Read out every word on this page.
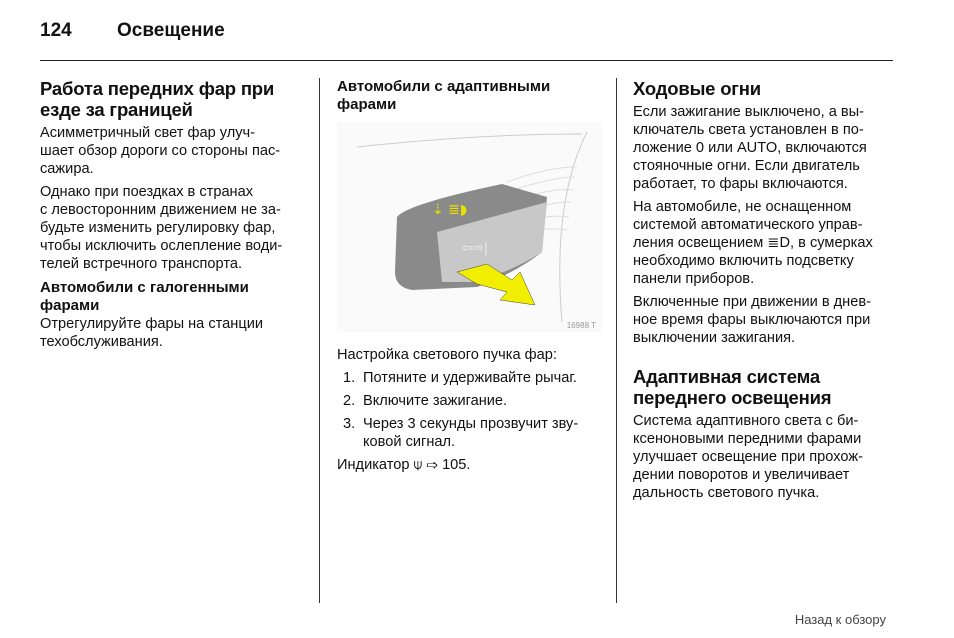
124 Освещение
Работа передних фар при
езде за границей
Асимметричный свет фар улуч-
шает обзор дороги со стороны пас-
сажира.
Однако при поездках в странах
с левосторонним движением не за-
будьте изменить регулировку фар,
чтобы исключить ослепление води-
телей встречного транспорта.
Автомобили с галогенными
фарами
Отрегулируйте фары на станции
техобслуживания.
Автомобили с адаптивными
фарами
⇣ ≣◗
⇦⇨|
16988 T
Настройка светового пучка фар:
1. Потяните и удерживайте рычаг.
2. Включите зажигание.
3. Через 3 секунды прозвучит зву-
ковой сигнал.
Индикатор ⍦ ⇨ 105.
Ходовые огни
Если зажигание выключено, а вы-
ключатель света установлен в по-
ложение 0 или AUTO, включаются
стояночные огни. Если двигатель
работает, то фары включаются.
На автомобиле, не оснащенном
системой автоматического управ-
ления освещением ≣D, в сумерках
необходимо включить подсветку
панели приборов.
Включенные при движении в днев-
ное время фары выключаются при
выключении зажигания.
Адаптивная система
переднего освещения
Система адаптивного света с би-
ксеноновыми передними фарами
улучшает освещение при прохож-
дении поворотов и увеличивает
дальность светового пучка.
Назад к обзору
